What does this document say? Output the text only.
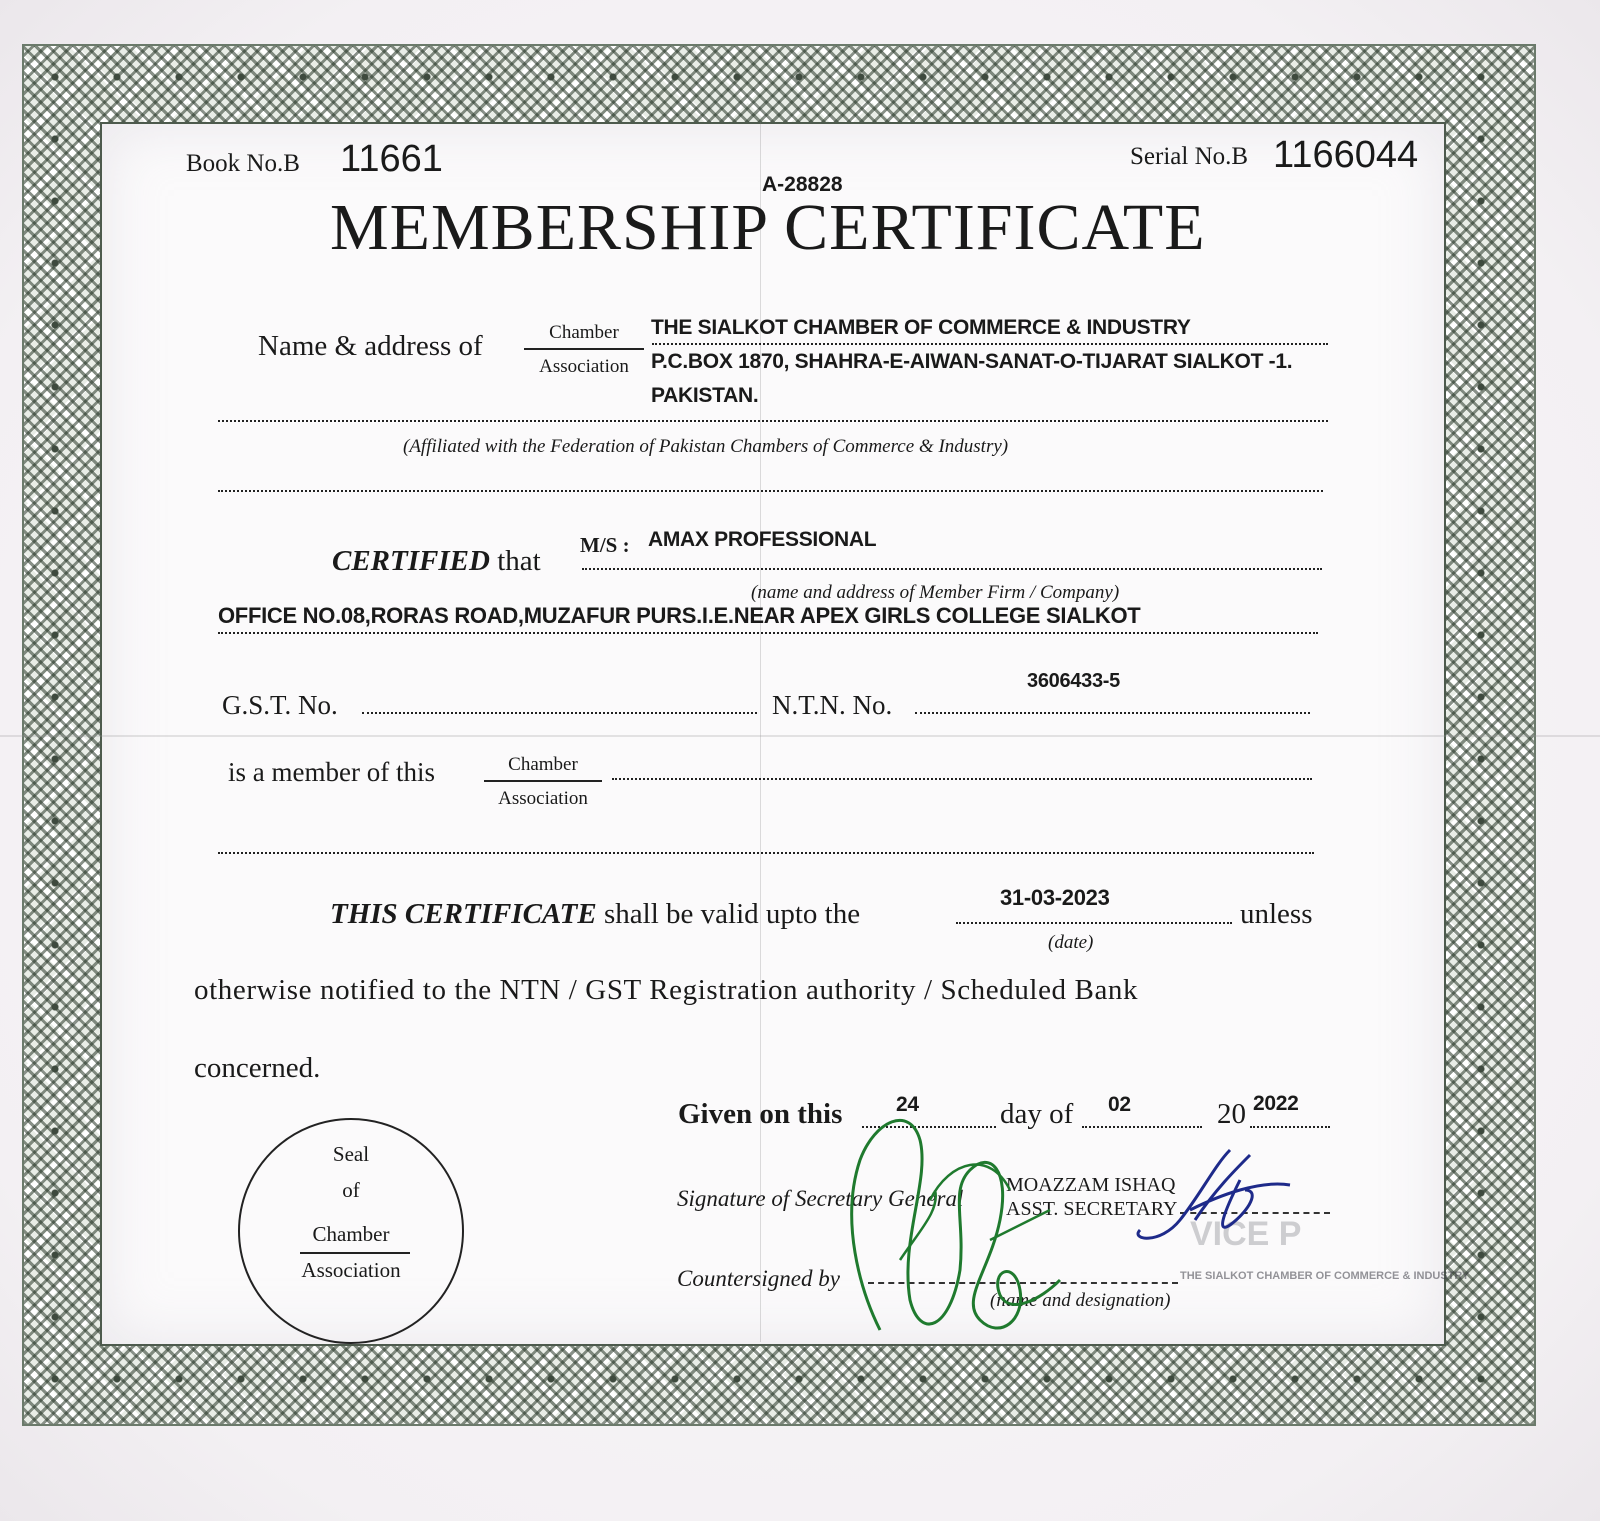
Book No.B 11661	Serial No.B 1166044
A-28828
MEMBERSHIP CERTIFICATE
Name & address of	Chamber
Association
THE SIALKOT CHAMBER OF COMMERCE & INDUSTRY
P.C.BOX 1870, SHAHRA-E-AIWAN-SANAT-O-TIJARAT SIALKOT -1.
PAKISTAN.
(Affiliated with the Federation of Pakistan Chambers of Commerce & Industry)
CERTIFIED that M/S : AMAX PROFESSIONAL
(name and address of Member Firm / Company)
OFFICE NO.08,RORAS ROAD,MUZAFUR PURS.I.E.NEAR APEX GIRLS COLLEGE SIALKOT
G.S.T. No.	N.T.N. No.
3606433-5
is a member of this	Chamber
Association
THIS CERTIFICATE shall be valid upto the
31-03-2023
(date)
unless
otherwise notified to the NTN / GST Registration authority / Scheduled Bank
concerned.
Seal
of
Chamber
Association
Given on this	24	day of 02	20 2022
Signature of Secretary General
MOAZZAM ISHAQ
ASST. SECRETARY
VICE P
Countersigned by	THE SIALKOT CHAMBER OF COMMERCE & INDUSTRY
(name and designation)
